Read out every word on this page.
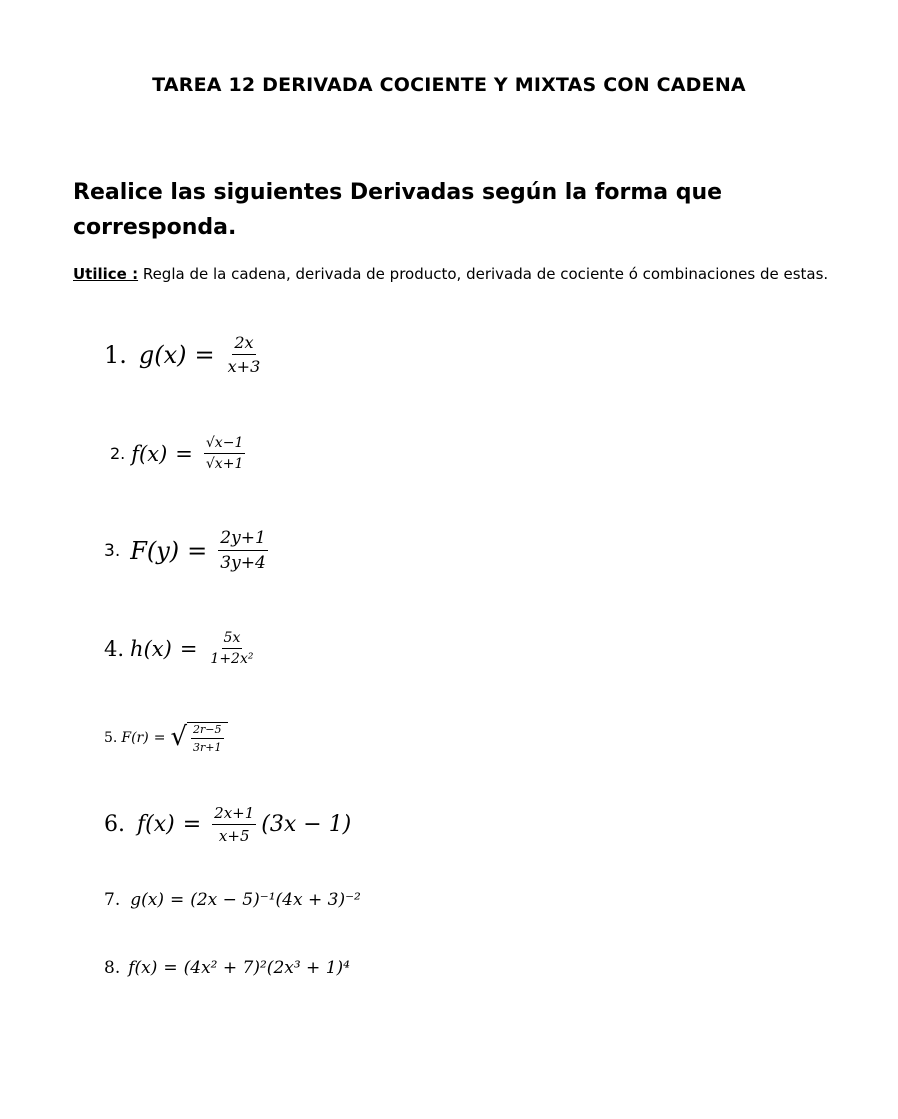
TAREA 12 DERIVADA COCIENTE Y MIXTAS CON CADENA
Realice las siguientes Derivadas según la forma que corresponda.
Utilice : Regla de la cadena, derivada de producto, derivada de cociente ó combinaciones de estas.
1. $g(x) = \frac{2x}{x+3}$
2. $f(x) = \frac{√x-1}{√x+1}$
3. $F(y) = \frac{2y+1}{3y+4}$
4. $h(x) = \frac{5x}{\text{1+2x²}}$
5. F(r) = √ $\frac{2r-5}{3r+1}$
6. $f(x) = \frac{2x+1}{x+5} (3x - 1)$
7. g(x) = (2x − 5)⁻¹(4x + 3)⁻²
8. f(x) = (4x² + 7)²(2x³ + 1)⁴
